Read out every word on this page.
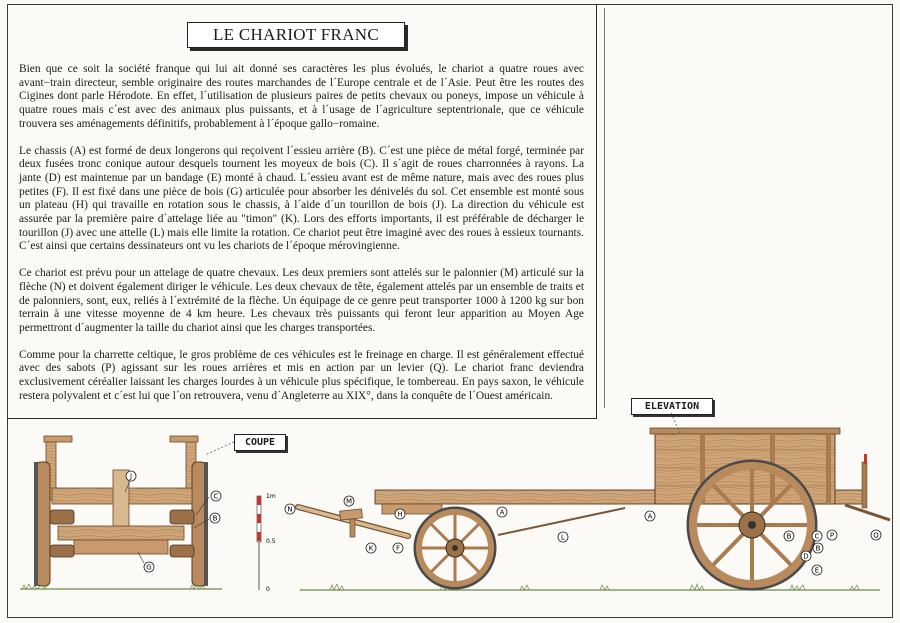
LE CHARIOT FRANC

Bien que ce soit la société franque qui lui ait donné ses caractères les plus évolués, le chariot a quatre roues avec avant−train directeur, semble originaire des routes marchandes de l´Europe centrale et de l´Asie. Peut être les routes des Cigines dont parle Hérodote. En effet, l´utilisation de plusieurs paires de petits chevaux ou poneys, impose un véhicule à quatre roues mais c´est avec des animaux plus puissants, et à l´usage de l´agriculture septentrionale, que ce véhicule trouvera ses aménagements définitifs, probablement à l´époque gallo−romaine.

Le chassis (A) est formé de deux longerons qui reçoivent l´essieu arrière (B). C´est une pièce de métal forgé, terminée par deux fusées tronc conique autour desquels tournent les moyeux de bois (C). Il s´agit de roues charronnées à rayons. La jante (D) est maintenue par un bandage (E) monté à chaud. L´essieu avant est de même nature, mais avec des roues plus petites (F). Il est fixé dans une pièce de bois (G) articulée pour absorber les dénivelés du sol. Cet ensemble est monté sous un plateau (H) qui travaille en rotation sous le chassis, à l´aide d´un tourillon de bois (J). La direction du véhicule est assurée par la première paire d´attelage liée au "timon" (K). Lors des efforts importants, il est préférable de décharger le tourillon (J) avec une attelle (L) mais elle limite la rotation. Ce chariot peut être imaginé avec des roues à essieux tournants. C´est ainsi que certains dessinateurs ont vu les chariots de l´époque mérovingienne.

Ce chariot est prévu pour un attelage de quatre chevaux. Les deux premiers sont attelés sur le palonnier (M) articulé sur la flèche (N) et doivent également diriger le véhicule. Les deux chevaux de tête, également attelés par un ensemble de traits et de palonniers, sont, eux, reliés à l´extrémité de la flèche. Un équipage de ce genre peut transporter 1000 à 1200 kg sur bon terrain à une vitesse moyenne de 4 km heure. Les chevaux très puissants qui feront leur apparition au Moyen Age permettront d´augmenter la taille du chariot ainsi que les charges transportées.

Comme pour la charrette celtique, le gros problème de ces véhicules est le freinage en charge. Il est généralement effectué avec des sabots (P) agissant sur les roues arrières et mis en action par un levier (Q). Le chariot franc deviendra exclusivement céréalier laissant les charges lourdes à un véhicule plus spécifique, le tombereau. En pays saxon, le véhicule restera polyvalent et c´est lui que l´on retrouvera, venu d´Angleterre au XIX°, dans la conquête de l´Ouest américain.

COUPE
ELEVATION
J
C
B
G
1m
0.5
0
M
N
H
K	F
A	A
L	C
D
E
P	Q
B
B
